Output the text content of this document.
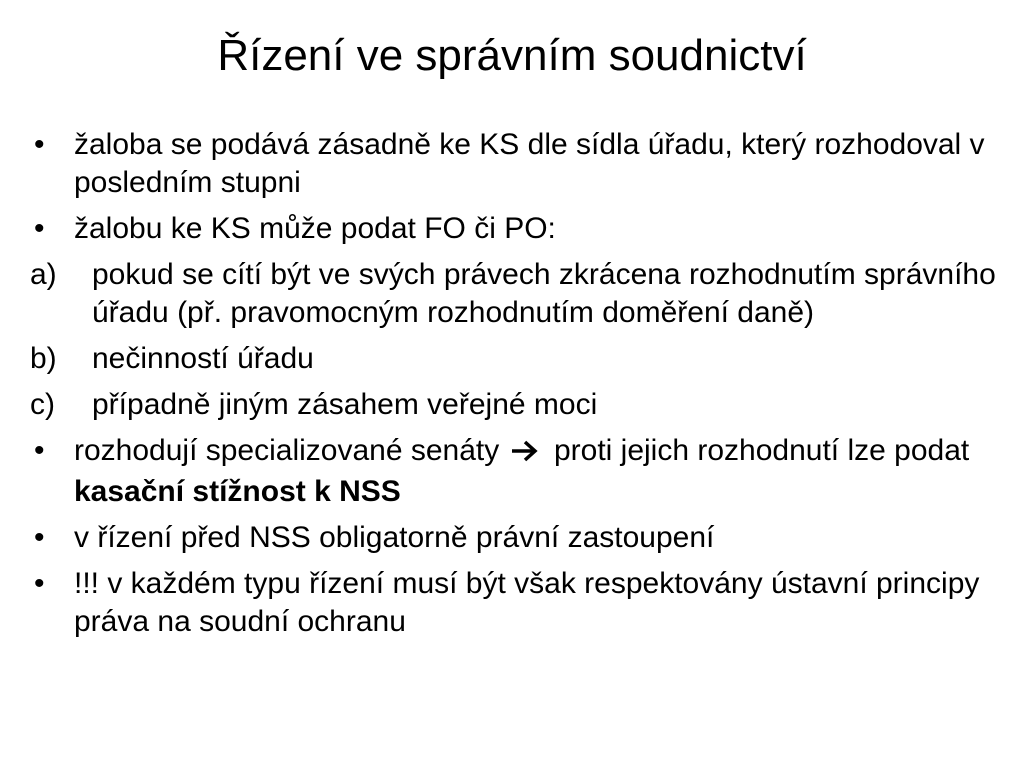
Řízení ve správním soudnictví
• žaloba se podává zásadně ke KS dle sídla úřadu, který rozhodoval v posledním stupni
• žalobu ke KS může podat FO či PO:
a)	pokud se cítí být ve svých právech zkrácena rozhodnutím správního úřadu (př. pravomocným rozhodnutím doměření daně)
b)	nečinností úřadu
c)	případně jiným zásahem veřejné moci
• rozhodují specializované senáty proti jejich rozhodnutí lze podat kasační stížnost k NSS
• v řízení před NSS obligatorně právní zastoupení
• !!! v každém typu řízení musí být však respektovány ústavní principy práva na soudní ochranu
